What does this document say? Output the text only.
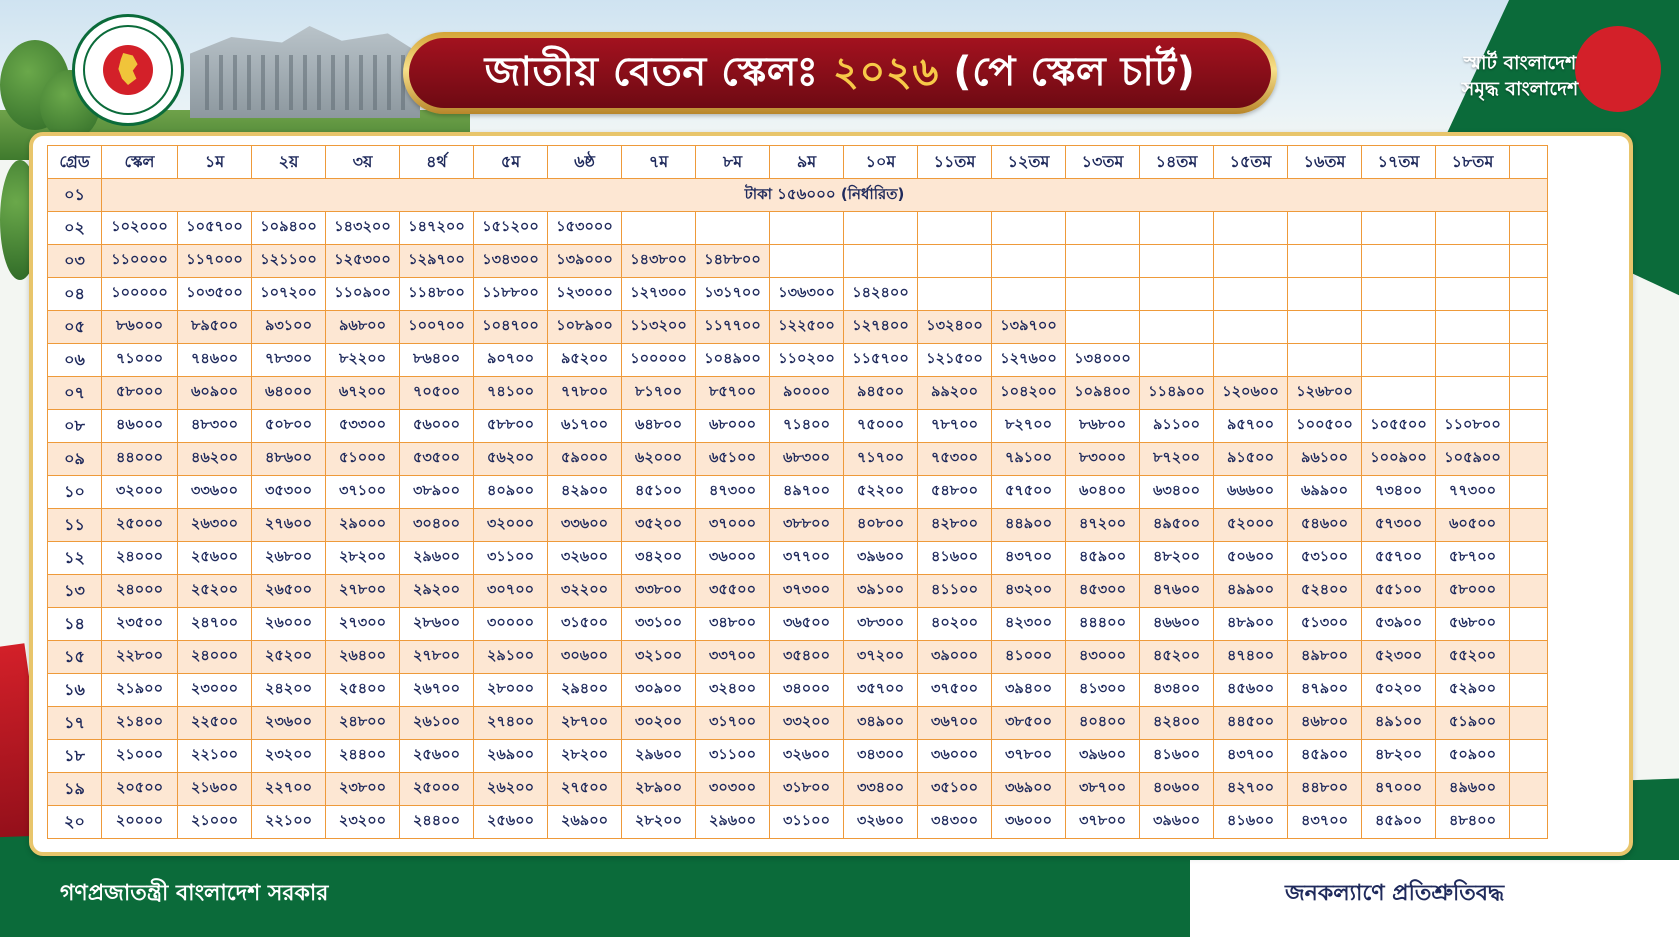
জাতীয় বেতন স্কেলঃ ২০২৬ (পে স্কেল চার্ট)	স্মার্ট বাংলাদেশ
সমৃদ্ধ বাংলাদেশ
গ্রেড	স্কেল	১ম	২য়	৩য়	৪র্থ	৫ম	৬ষ্ঠ	৭ম	৮ম	৯ম	১০ম	১১তম	১২তম	১৩তম	১৪তম	১৫তম	১৬তম	১৭তম	১৮তম	
০১	টাকা ১৫৬০০০ (নির্ধারিত)																			
০২	১০২০০০	১০৫৭০০	১০৯৪০০	১৪৩২০০	১৪৭২০০	১৫১২০০	১৫৩০০০													
০৩	১১০০০০	১১৭০০০	১২১১০০	১২৫৩০০	১২৯৭০০	১৩৪৩০০	১৩৯০০০	১৪৩৮০০	১৪৮৮০০											
০৪	১০০০০০	১০৩৫০০	১০৭২০০	১১০৯০০	১১৪৮০০	১১৮৮০০	১২৩০০০	১২৭৩০০	১৩১৭০০	১৩৬৩০০	১৪২৪০০									
০৫	৮৬০০০	৮৯৫০০	৯৩১০০	৯৬৮০০	১০০৭০০	১০৪৭০০	১০৮৯০০	১১৩২০০	১১৭৭০০	১২২৫০০	১২৭৪০০	১৩২৪০০	১৩৯৭০০							
০৬	৭১০০০	৭৪৬০০	৭৮৩০০	৮২২০০	৮৬৪০০	৯০৭০০	৯৫২০০	১০০০০০	১০৪৯০০	১১০২০০	১১৫৭০০	১২১৫০০	১২৭৬০০	১৩৪০০০						
০৭	৫৮০০০	৬০৯০০	৬৪০০০	৬৭২০০	৭০৫০০	৭৪১০০	৭৭৮০০	৮১৭০০	৮৫৭০০	৯০০০০	৯৪৫০০	৯৯২০০	১০৪২০০	১০৯৪০০	১১৪৯০০	১২০৬০০	১২৬৮০০			
০৮	৪৬০০০	৪৮৩০০	৫০৮০০	৫৩৩০০	৫৬০০০	৫৮৮০০	৬১৭০০	৬৪৮০০	৬৮০০০	৭১৪০০	৭৫০০০	৭৮৭০০	৮২৭০০	৮৬৮০০	৯১১০০	৯৫৭০০	১০০৫০০	১০৫৫০০	১১০৮০০	
০৯	৪৪০০০	৪৬২০০	৪৮৬০০	৫১০০০	৫৩৫০০	৫৬২০০	৫৯০০০	৬২০০০	৬৫১০০	৬৮৩০০	৭১৭০০	৭৫৩০০	৭৯১০০	৮৩০০০	৮৭২০০	৯১৫০০	৯৬১০০	১০০৯০০	১০৫৯০০	
১০	৩২০০০	৩৩৬০০	৩৫৩০০	৩৭১০০	৩৮৯০০	৪০৯০০	৪২৯০০	৪৫১০০	৪৭৩০০	৪৯৭০০	৫২২০০	৫৪৮০০	৫৭৫০০	৬০৪০০	৬৩৪০০	৬৬৬০০	৬৯৯০০	৭৩৪০০	৭৭৩০০	
১১	২৫০০০	২৬৩০০	২৭৬০০	২৯০০০	৩০৪০০	৩২০০০	৩৩৬০০	৩৫২০০	৩৭০০০	৩৮৮০০	৪০৮০০	৪২৮০০	৪৪৯০০	৪৭২০০	৪৯৫০০	৫২০০০	৫৪৬০০	৫৭৩০০	৬০৫০০	
১২	২৪০০০	২৫৬০০	২৬৮০০	২৮২০০	২৯৬০০	৩১১০০	৩২৬০০	৩৪২০০	৩৬০০০	৩৭৭০০	৩৯৬০০	৪১৬০০	৪৩৭০০	৪৫৯০০	৪৮২০০	৫০৬০০	৫৩১০০	৫৫৭০০	৫৮৭০০	
১৩	২৪০০০	২৫২০০	২৬৫০০	২৭৮০০	২৯২০০	৩০৭০০	৩২২০০	৩৩৮০০	৩৫৫০০	৩৭৩০০	৩৯১০০	৪১১০০	৪৩২০০	৪৫৩০০	৪৭৬০০	৪৯৯০০	৫২৪০০	৫৫১০০	৫৮০০০	
১৪	২৩৫০০	২৪৭০০	২৬০০০	২৭৩০০	২৮৬০০	৩০০০০	৩১৫০০	৩৩১০০	৩৪৮০০	৩৬৫০০	৩৮৩০০	৪০২০০	৪২৩০০	৪৪৪০০	৪৬৬০০	৪৮৯০০	৫১৩০০	৫৩৯০০	৫৬৮০০	
১৫	২২৮০০	২৪০০০	২৫২০০	২৬৪০০	২৭৮০০	২৯১০০	৩০৬০০	৩২১০০	৩৩৭০০	৩৫৪০০	৩৭২০০	৩৯০০০	৪১০০০	৪৩০০০	৪৫২০০	৪৭৪০০	৪৯৮০০	৫২৩০০	৫৫২০০	
১৬	২১৯০০	২৩০০০	২৪২০০	২৫৪০০	২৬৭০০	২৮০০০	২৯৪০০	৩০৯০০	৩২৪০০	৩৪০০০	৩৫৭০০	৩৭৫০০	৩৯৪০০	৪১৩০০	৪৩৪০০	৪৫৬০০	৪৭৯০০	৫০২০০	৫২৯০০	
১৭	২১৪০০	২২৫০০	২৩৬০০	২৪৮০০	২৬১০০	২৭৪০০	২৮৭০০	৩০২০০	৩১৭০০	৩৩২০০	৩৪৯০০	৩৬৭০০	৩৮৫০০	৪০৪০০	৪২৪০০	৪৪৫০০	৪৬৮০০	৪৯১০০	৫১৯০০	
১৮	২১০০০	২২১০০	২৩২০০	২৪৪০০	২৫৬০০	২৬৯০০	২৮২০০	২৯৬০০	৩১১০০	৩২৬০০	৩৪৩০০	৩৬০০০	৩৭৮০০	৩৯৬০০	৪১৬০০	৪৩৭০০	৪৫৯০০	৪৮২০০	৫০৯০০	
১৯	২০৫০০	২১৬০০	২২৭০০	২৩৮০০	২৫০০০	২৬২০০	২৭৫০০	২৮৯০০	৩০৩০০	৩১৮০০	৩৩৪০০	৩৫১০০	৩৬৯০০	৩৮৭০০	৪০৬০০	৪২৭০০	৪৪৮০০	৪৭০০০	৪৯৬০০	
২০	২০০০০	২১০০০	২২১০০	২৩২০০	২৪৪০০	২৫৬০০	২৬৯০০	২৮২০০	২৯৬০০	৩১১০০	৩২৬০০	৩৪৩০০	৩৬০০০	৩৭৮০০	৩৯৬০০	৪১৬০০	৪৩৭০০	৪৫৯০০	৪৮৪০০	
গণপ্রজাতন্ত্রী বাংলাদেশ সরকার	জনকল্যাণে প্রতিশ্রুতিবদ্ধ
